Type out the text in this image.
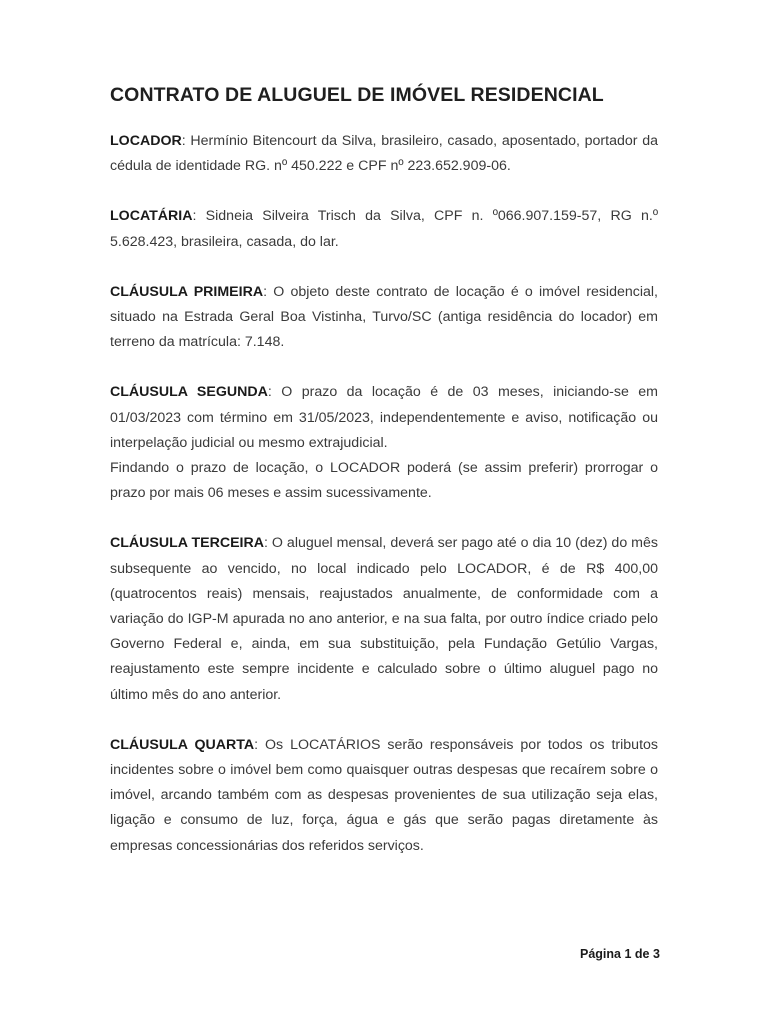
CONTRATO DE ALUGUEL DE IMÓVEL RESIDENCIAL

LOCADOR: Hermínio Bitencourt da Silva, brasileiro, casado, aposentado, portador da cédula de identidade RG. nº 450.222 e CPF nº 223.652.909-06.

LOCATÁRIA: Sidneia Silveira Trisch da Silva, CPF n. º066.907.159-57, RG n.º 5.628.423, brasileira, casada, do lar.

CLÁUSULA PRIMEIRA: O objeto deste contrato de locação é o imóvel residencial, situado na Estrada Geral Boa Vistinha, Turvo/SC (antiga residência do locador) em terreno da matrícula: 7.148.

CLÁUSULA SEGUNDA: O prazo da locação é de 03 meses, iniciando-se em 01/03/2023 com término em 31/05/2023, independentemente e aviso, notificação ou interpelação judicial ou mesmo extrajudicial.

Findando o prazo de locação, o LOCADOR poderá (se assim preferir) prorrogar o prazo por mais 06 meses e assim sucessivamente.

CLÁUSULA TERCEIRA: O aluguel mensal, deverá ser pago até o dia 10 (dez) do mês subsequente ao vencido, no local indicado pelo LOCADOR, é de R$ 400,00 (quatrocentos reais) mensais, reajustados anualmente, de conformidade com a variação do IGP-M apurada no ano anterior, e na sua falta, por outro índice criado pelo Governo Federal e, ainda, em sua substituição, pela Fundação Getúlio Vargas, reajustamento este sempre incidente e calculado sobre o último aluguel pago no último mês do ano anterior.

CLÁUSULA QUARTA: Os LOCATÁRIOS serão responsáveis por todos os tributos incidentes sobre o imóvel bem como quaisquer outras despesas que recaírem sobre o imóvel, arcando também com as despesas provenientes de sua utilização seja elas, ligação e consumo de luz, força, água e gás que serão pagas diretamente às empresas concessionárias dos referidos serviços.

Página 1 de 3
